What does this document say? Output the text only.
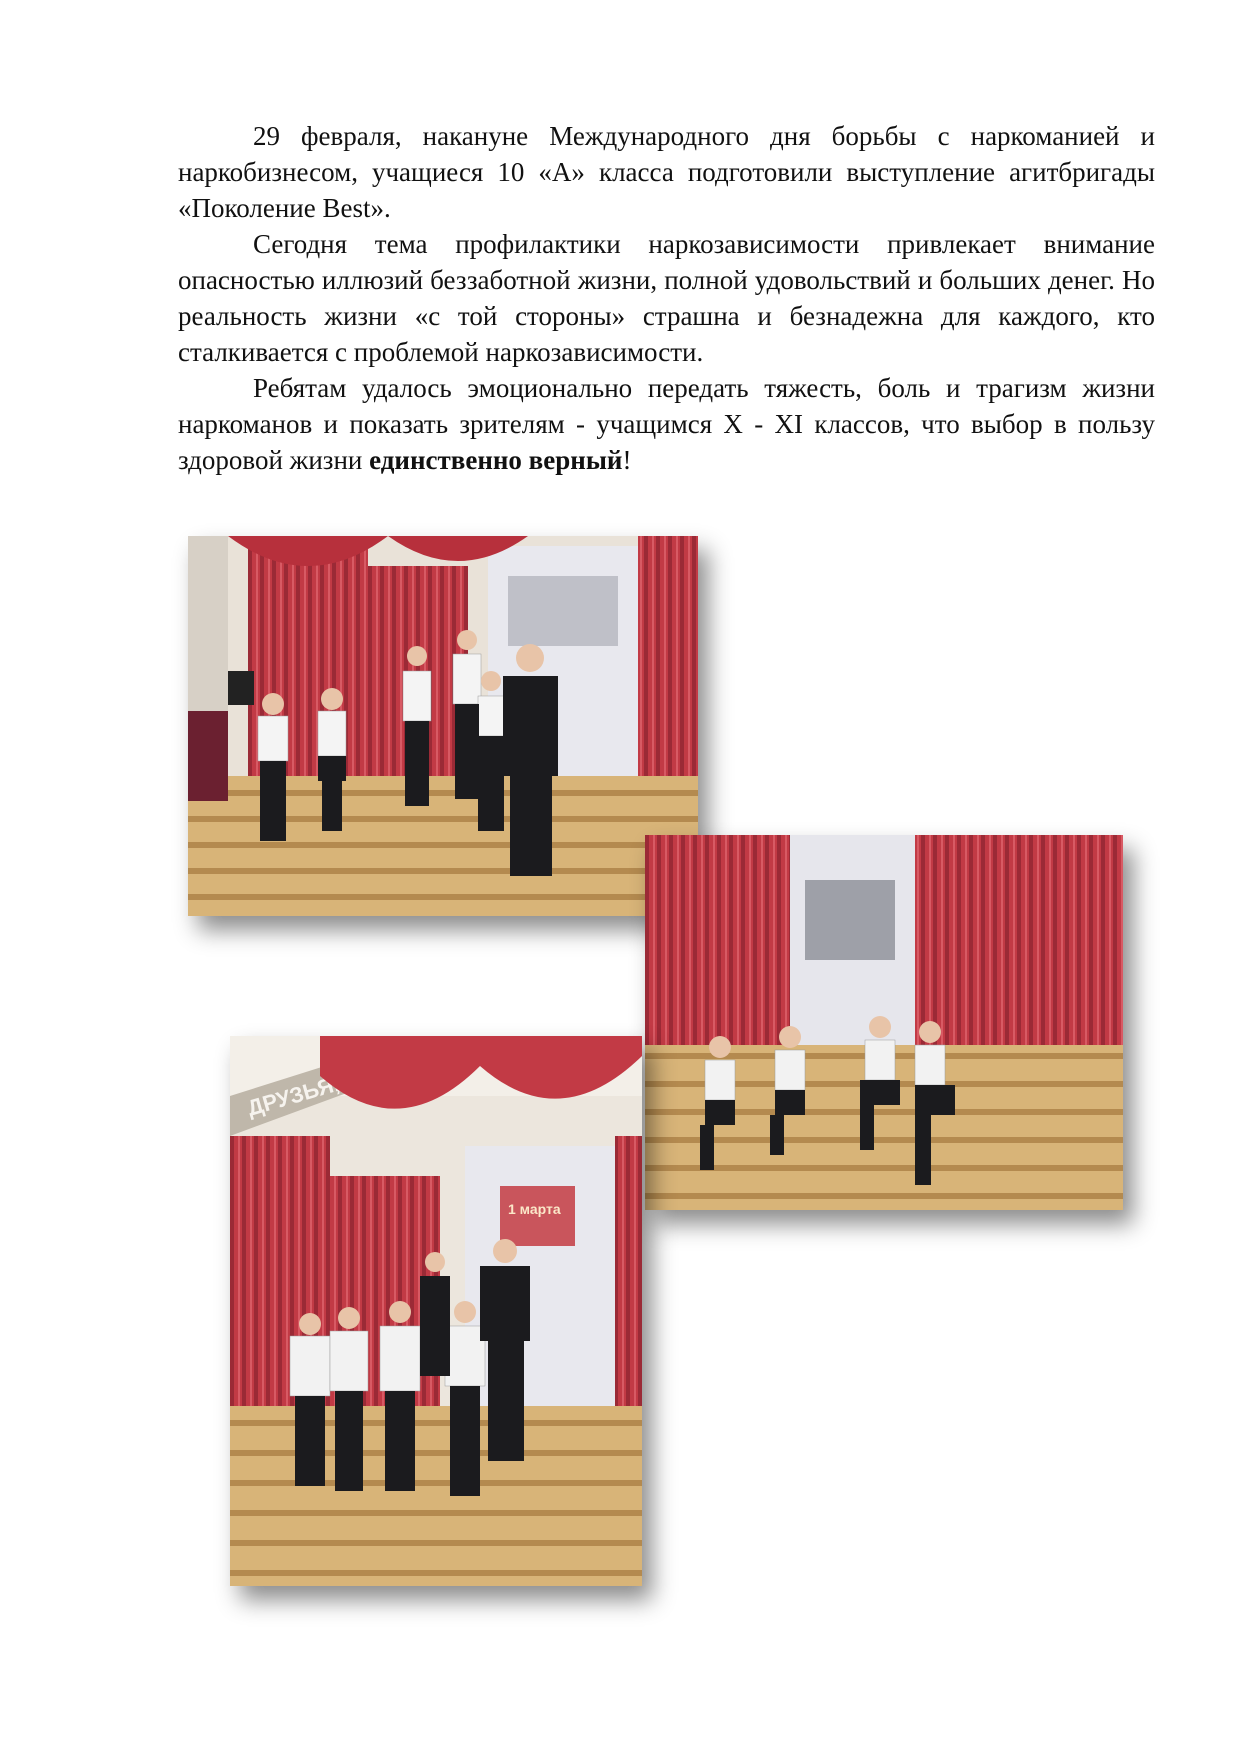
29 февраля, накануне Международного дня борьбы с наркоманией и наркобизнесом, учащиеся 10 «А» класса подготовили выступление агитбригады «Поколение Best».

Сегодня тема профилактики наркозависимости привлекает внимание опасностью иллюзий беззаботной жизни, полной удовольствий и больших денег. Но реальность жизни «с той стороны» страшна и безнадежна для каждого, кто сталкивается с проблемой наркозависимости.

Ребятам удалось эмоционально передать тяжесть, боль и трагизм жизни наркоманов и показать зрителям - учащимся X - XI классов, что выбор в пользу здоровой жизни единственно верный!

ДРУЗЬЯ,
1 марта
